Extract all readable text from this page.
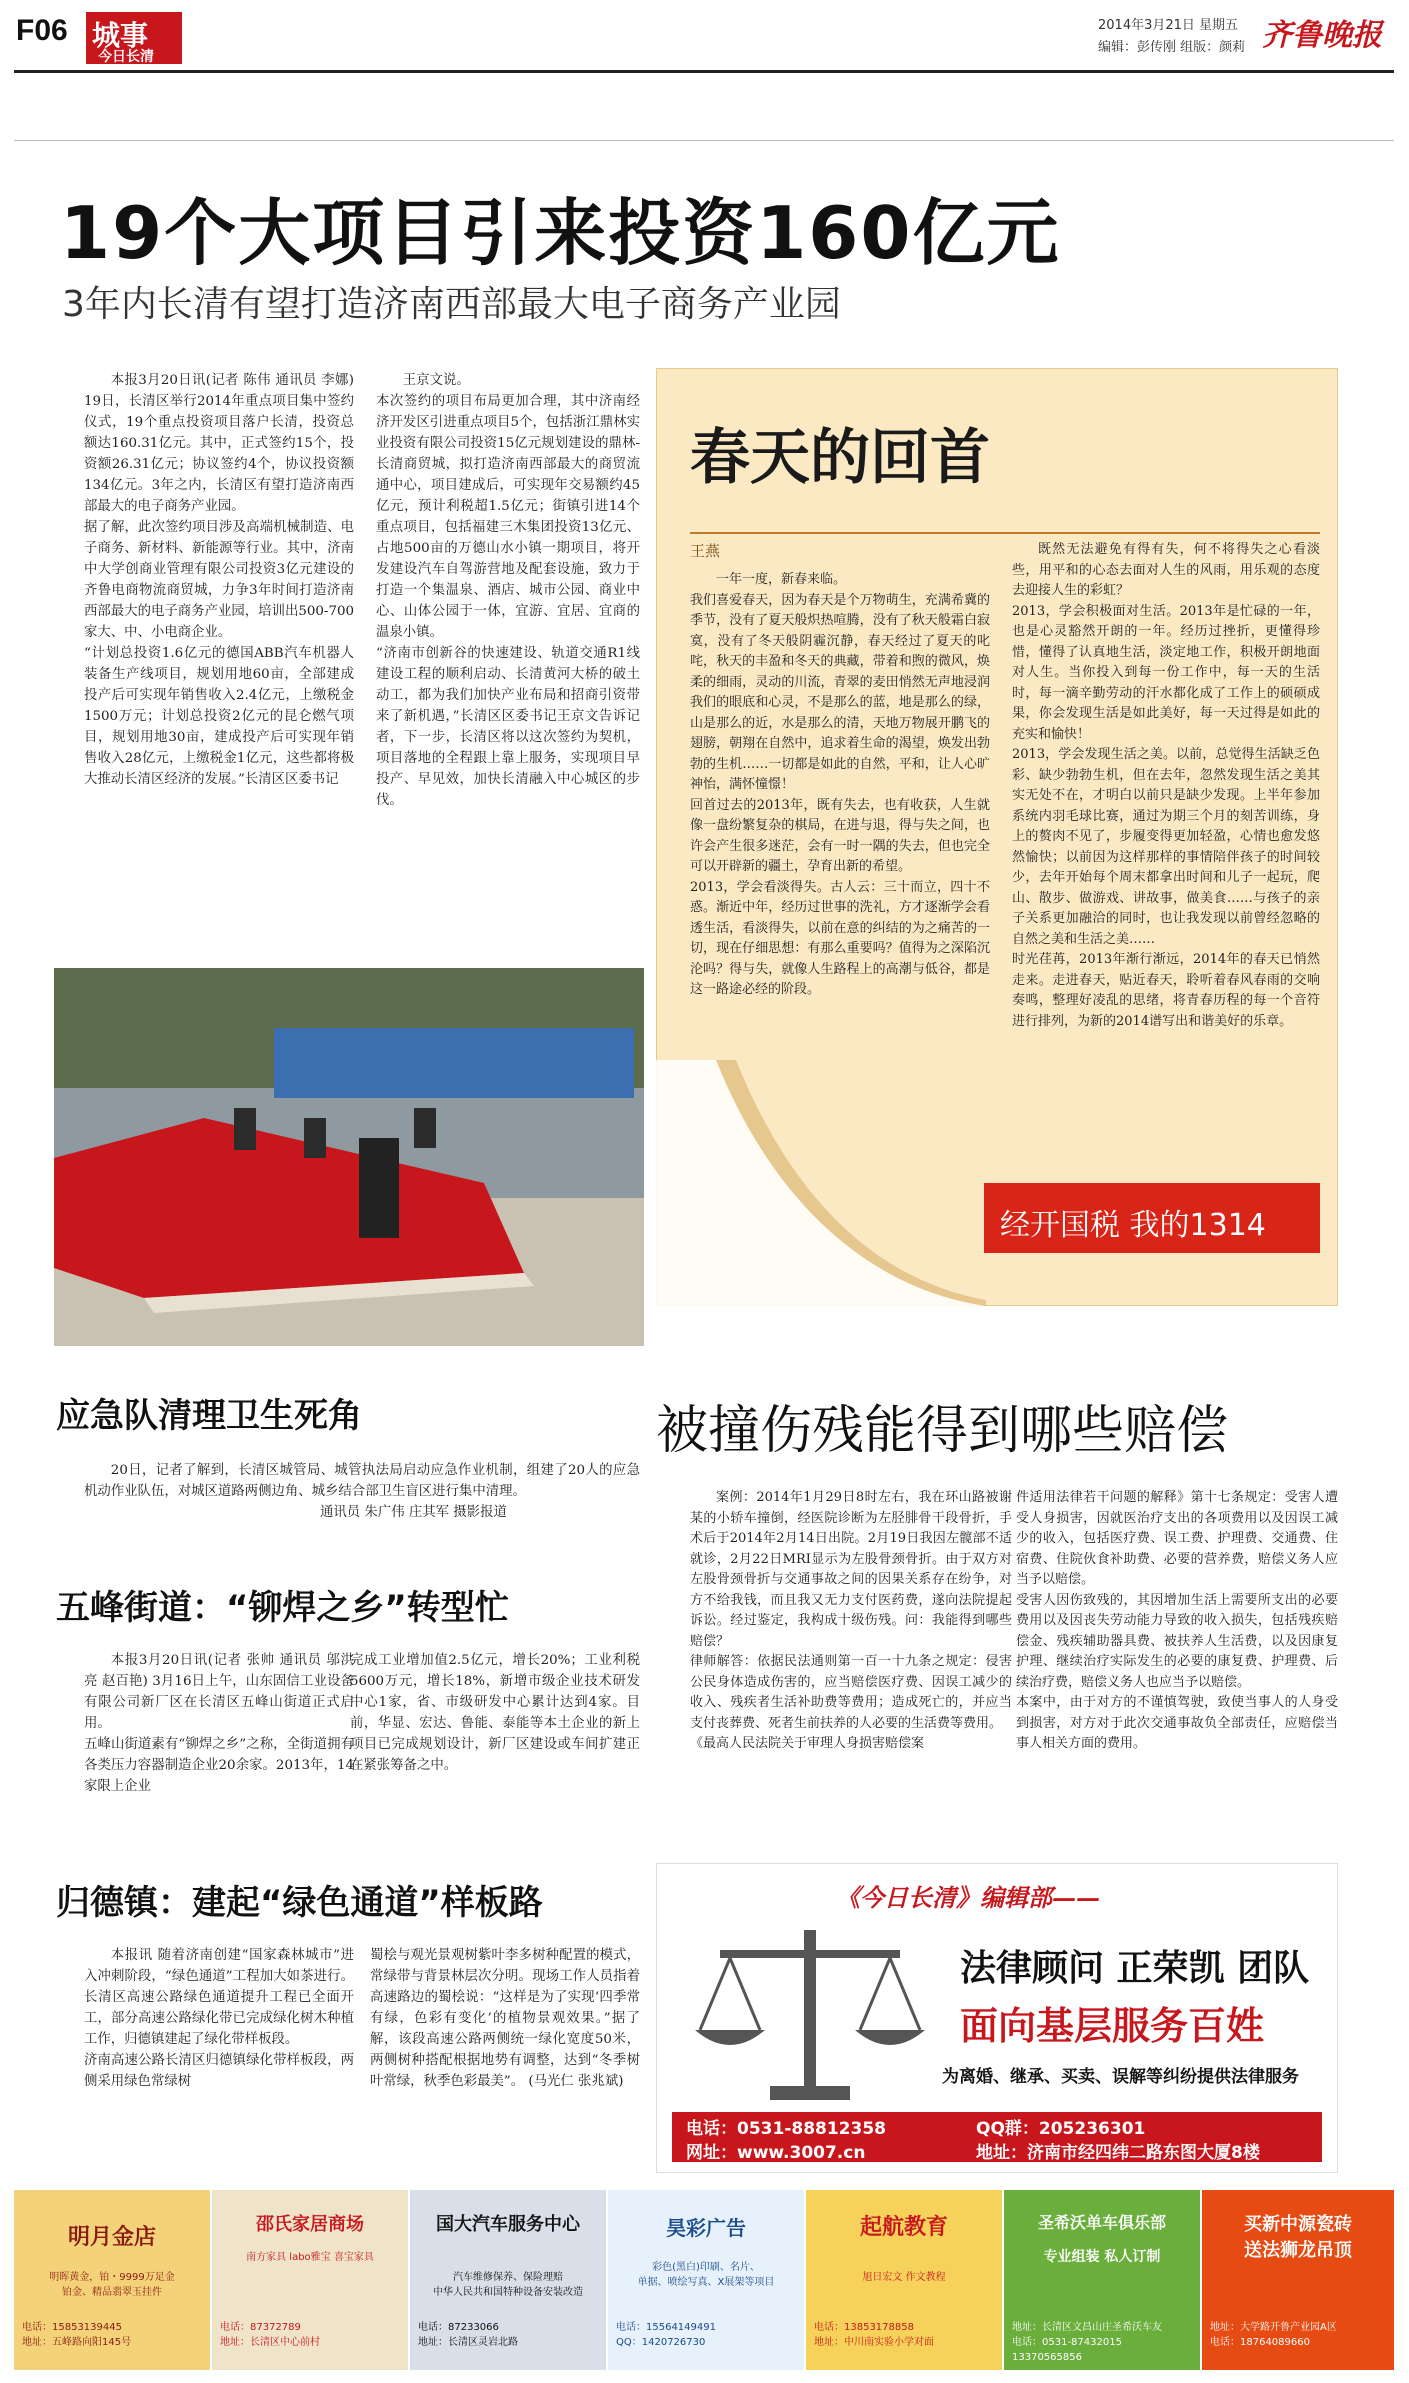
F06 城事
今日长清
2014年3月21日 星期五
编辑：彭传刚 组版：颜莉 齐鲁晚报
19个大项目引来投资160亿元
3年内长清有望打造济南西部最大电子商务产业园
本报3月20日讯(记者 陈伟 通讯员 李娜) 19日，长清区举行2014年重点项目集中签约仪式，19个重点投资项目落户长清，投资总额达160.31亿元。其中，正式签约15个，投资额26.31亿元；协议签约4个，协议投资额134亿元。3年之内，长清区有望打造济南西部最大的电子商务产业园。
据了解，此次签约项目涉及高端机械制造、电子商务、新材料、新能源等行业。其中，济南中大学创商业管理有限公司投资3亿元建设的齐鲁电商物流商贸城，力争3年时间打造济南西部最大的电子商务产业园，培训出500-700家大、中、小电商企业。
“计划总投资1.6亿元的德国ABB汽车机器人装备生产线项目，规划用地60亩，全部建成投产后可实现年销售收入2.4亿元，上缴税金1500万元；计划总投资2亿元的昆仑燃气项目，规划用地30亩，建成投产后可实现年销售收入28亿元，上缴税金1亿元，这些都将极大推动长清区经济的发展。”长清区区委书记
王京文说。
本次签约的项目布局更加合理，其中济南经济开发区引进重点项目5个，包括浙江鼎林实业投资有限公司投资15亿元规划建设的鼎林-长清商贸城，拟打造济南西部最大的商贸流通中心，项目建成后，可实现年交易额约45亿元，预计利税超1.5亿元；街镇引进14个重点项目，包括福建三木集团投资13亿元、占地500亩的万德山水小镇一期项目，将开发建设汽车自驾游营地及配套设施，致力于打造一个集温泉、酒店、城市公园、商业中心、山体公园于一体，宜游、宜居、宜商的温泉小镇。
“济南市创新谷的快速建设、轨道交通R1线建设工程的顺利启动、长清黄河大桥的破土动工，都为我们加快产业布局和招商引资带来了新机遇，”长清区区委书记王京文告诉记者，下一步，长清区将以这次签约为契机，项目落地的全程跟上靠上服务，实现项目早投产、早见效，加快长清融入中心城区的步伐。
春天的回首
王燕
一年一度，新春来临。
我们喜爱春天，因为春天是个万物萌生，充满希冀的季节，没有了夏天般炽热喧腾，没有了秋天般霜白寂寞，没有了冬天般阴霾沉静，春天经过了夏天的叱咤，秋天的丰盈和冬天的典藏，带着和煦的微风，焕柔的细雨，灵动的川流，青翠的麦田悄然无声地浸润我们的眼底和心灵，不是那么的蓝，地是那么的绿，山是那么的近，水是那么的清，天地万物展开鹏飞的翅膀，朝翔在自然中，追求着生命的渴望，焕发出勃勃的生机……一切都是如此的自然，平和，让人心旷神怡，满怀憧憬！
回首过去的2013年，既有失去，也有收获，人生就像一盘纷繁复杂的棋局，在进与退，得与失之间，也许会产生很多迷茫，会有一时一隅的失去，但也完全可以开辟新的疆土，孕育出新的希望。
2013，学会看淡得失。古人云：三十而立，四十不惑。渐近中年，经历过世事的洗礼，方才逐渐学会看透生活，看淡得失，以前在意的纠结的为之痛苦的一切，现在仔细思想：有那么重要吗？值得为之深陷沉沦吗？得与失，就像人生路程上的高潮与低谷，都是这一路途必经的阶段。
既然无法避免有得有失，何不将得失之心看淡些，用平和的心态去面对人生的风雨，用乐观的态度去迎接人生的彩虹？
2013，学会积极面对生活。2013年是忙碌的一年，也是心灵豁然开朗的一年。经历过挫折，更懂得珍惜，懂得了认真地生活，淡定地工作，积极开朗地面对人生。当你投入到每一份工作中，每一天的生活时，每一滴辛勤劳动的汗水都化成了工作上的硕硕成果，你会发现生活是如此美好，每一天过得是如此的充实和愉快！
2013，学会发现生活之美。以前，总觉得生活缺乏色彩、缺少勃勃生机，但在去年，忽然发现生活之美其实无处不在，才明白以前只是缺少发现。上半年参加系统内羽毛球比赛，通过为期三个月的刻苦训练，身上的赘肉不见了，步履变得更加轻盈，心情也愈发悠然愉快；以前因为这样那样的事情陪伴孩子的时间较少，去年开始每个周末都拿出时间和儿子一起玩，爬山、散步、做游戏、讲故事，做美食……与孩子的亲子关系更加融洽的同时，也让我发现以前曾经忽略的自然之美和生活之美……
时光荏苒，2013年渐行渐远，2014年的春天已悄然走来。走进春天，贴近春天，聆听着春风春雨的交响奏鸣，整理好凌乱的思绪，将青春历程的每一个音符进行排列，为新的2014谱写出和谐美好的乐章。
经开国税 我的1314
应急队清理卫生死角
20日，记者了解到，长清区城管局、城管执法局启动应急作业机制，组建了20人的应急机动作业队伍，对城区道路两侧边角、城乡结合部卫生盲区进行集中清理。
通讯员 朱广伟 庄其军 摄影报道
五峰街道：“铆焊之乡”转型忙
本报3月20日讯(记者 张帅 通讯员 邬洪亮 赵百艳) 3月16日上午，山东固信工业设备有限公司新厂区在长清区五峰山街道正式启用。
五峰山街道素有“铆焊之乡”之称，全街道拥有各类压力容器制造企业20余家。2013年，14家限上企业
完成工业增加值2.5亿元，增长20%；工业利税5600万元，增长18%，新增市级企业技术研发中心1家，省、市级研发中心累计达到4家。目前，华显、宏达、鲁能、泰能等本土企业的新上项目已完成规划设计，新厂区建设或车间扩建正在紧张筹备之中。
归德镇：建起“绿色通道”样板路
本报讯 随着济南创建“国家森林城市”进入冲刺阶段，“绿色通道”工程加大如茶进行。长清区高速公路绿色通道提升工程已全面开工，部分高速公路绿化带已完成绿化树木种植工作，归德镇建起了绿化带样板段。
济南高速公路长清区归德镇绿化带样板段，两侧采用绿色常绿树
蜀桧与观光景观树紫叶李多树种配置的模式，常绿带与背景林层次分明。现场工作人员指着高速路边的蜀桧说：“这样是为了实现‘四季常有绿，色彩有变化’的植物景观效果。”据了解，该段高速公路两侧统一绿化宽度50米，两侧树种搭配根据地势有调整，达到“冬季树叶常绿，秋季色彩最美”。 (马光仁 张兆斌)
被撞伤残能得到哪些赔偿
案例：2014年1月29日8时左右，我在环山路被谢某的小轿车撞倒，经医院诊断为左胫腓骨干段骨折，手术后于2014年2月14日出院。2月19日我因左髋部不适就诊，2月22日MRI显示为左股骨颈骨折。由于双方对左股骨颈骨折与交通事故之间的因果关系存在纷争，对方不给我钱，而且我又无力支付医药费，遂向法院提起诉讼。经过鉴定，我构成十级伤残。问：我能得到哪些赔偿？
律师解答：依据民法通则第一百一十九条之规定：侵害公民身体造成伤害的，应当赔偿医疗费、因误工减少的收入、残疾者生活补助费等费用；造成死亡的，并应当支付丧葬费、死者生前扶养的人必要的生活费等费用。
《最高人民法院关于审理人身损害赔偿案
件适用法律若干问题的解释》第十七条规定：受害人遭受人身损害，因就医治疗支出的各项费用以及因误工减少的收入，包括医疗费、误工费、护理费、交通费、住宿费、住院伙食补助费、必要的营养费，赔偿义务人应当予以赔偿。
受害人因伤致残的，其因增加生活上需要所支出的必要费用以及因丧失劳动能力导致的收入损失，包括残疾赔偿金、残疾辅助器具费、被扶养人生活费，以及因康复护理、继续治疗实际发生的必要的康复费、护理费、后续治疗费，赔偿义务人也应当予以赔偿。
本案中，由于对方的不谨慎驾驶，致使当事人的人身受到损害，对方对于此次交通事故负全部责任，应赔偿当事人相关方面的费用。
《今日长清》编辑部——
法律顾问 正荣凯 团队
面向基层服务百姓
为离婚、继承、买卖、误解等纠纷提供法律服务
电话：0531-88812358	QQ群：205236301
网址：www.3007.cn	地址：济南市经四纬二路东图大厦8楼
明月金店
明晖黄金，铂・9999万足金
铂金、精品翡翠玉挂件
电话：15853139445
地址：五峰路向阳145号
邵氏家居商场
南方家具 labo雅宝 喜宝家具
电话：87372789
地址：长清区中心前村
国大汽车服务中心
汽车维修保养、保险理赔
中华人民共和国特种设备安装改造
电话：87233066
地址：长清区灵岩北路
昊彩广告
彩色(黑白)印刷、名片、
单据、喷绘写真、X展架等项目
电话：15564149491
QQ：1420726730
起航教育
旭日宏文 作文教程
电话：13853178858
地址：中川南实验小学对面
圣希沃单车俱乐部
专业组装 私人订制
地址：长清区文昌山庄圣希沃车友
电话：0531-87432015 13370565856
买新中源瓷砖
送法狮龙吊顶
地址：大学路开鲁产业园A区
电话：18764089660
